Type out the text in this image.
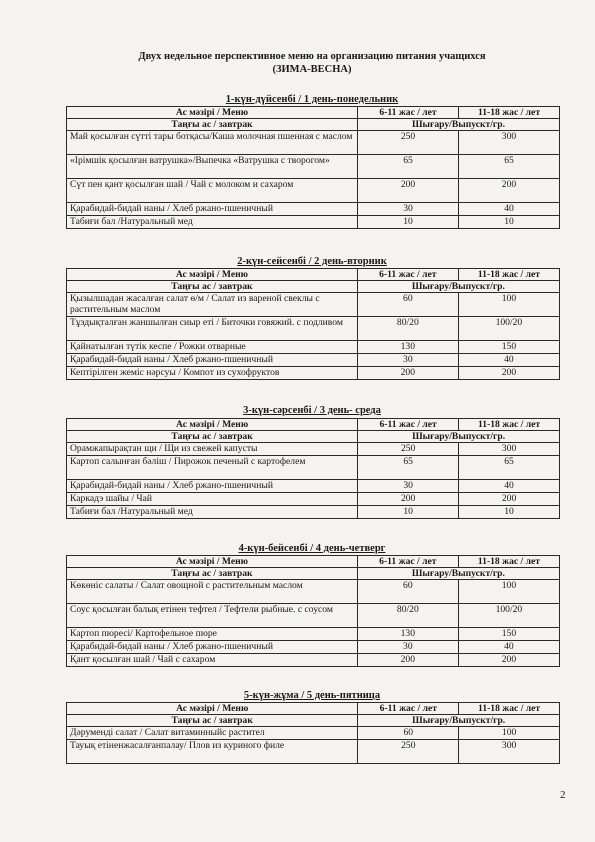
Двух недельное перспективное меню на организацию питания учащихся
(ЗИМА-ВЕСНА)
1-күн-дүйсенбі / 1 день-понедельник
Ас мәзірі / Меню	6-11 жас / лет	11-18 жас / лет
Таңғы ас / завтрак	Шығару/Выпускт/гр.	
Май қосылған сүтті тары ботқасы/Каша молочная пшенная с маслом	250	300
«Ірімшік қосылған ватрушка»/Выпечка «Ватрушка с творогом»	65	65
Сүт пен қант қосылған шай / Чай с молоком и сахаром	200	200
Қарабидай-бидай наны / Хлеб ржано-пшеничный	30	40
Табиғи бал /Натуральный мед	10	10
2-күн-сейсенбі / 2 день-вторник
Ас мәзірі / Меню	6-11 жас / лет	11-18 жас / лет
Таңғы ас / завтрак	Шығару/Выпускт/гр.	
Қызылшадан жасалған салат ө/м / Салат из вареной свеклы с растительным маслом	60	100
Тұздықталған жаншылған сиыр еті / Биточки говяжий. с подливом	80/20	100/20
Қайнатылған түтік кеспе / Рожки отварные	130	150
Қарабидай-бидай наны / Хлеб ржано-пшеничный	30	40
Кептірілген жеміс нәрсуы / Компот из сухофруктов	200	200
3-күн-сәрсенбі / 3 день- среда
Ас мәзірі / Меню	6-11 жас / лет	11-18 жас / лет
Таңғы ас / завтрак	Шығару/Выпускт/гр.	
Орамжапырақтан щи / Щи из свежей капусты	250	300
Картоп салынған бәліш / Пирожок печеный с картофелем	65	65
Қарабидай-бидай наны / Хлеб ржано-пшеничный	30	40
Каркадэ шайы / Чай	200	200
Табиғи бал /Натуральный мед	10	10
4-күн-бейсенбі / 4 день-четверг
Ас мәзірі / Меню	6-11 жас / лет	11-18 жас / лет
Таңғы ас / завтрак	Шығару/Выпускт/гр.	
Көкөніс салаты / Салат овощной с растительным маслом	60	100
Соус қосылған балық етінен тефтел / Тефтели рыбные. с соусом	80/20	100/20
Картоп пюресі/ Картофельное пюре	130	150
Қарабидай-бидай наны / Хлеб ржано-пшеничный	30	40
Қант қосылған шай / Чай с сахаром	200	200
5-күн-жұма / 5 день-пятница
Ас мәзірі / Меню	6-11 жас / лет	11-18 жас / лет
Таңғы ас / завтрак	Шығару/Выпускт/гр.	
Дәрумендi салат / Салат витаминныйс растител	60	100
Тауық етіненжасалғанпалау/ Плов из куриного филе	250	300
2
